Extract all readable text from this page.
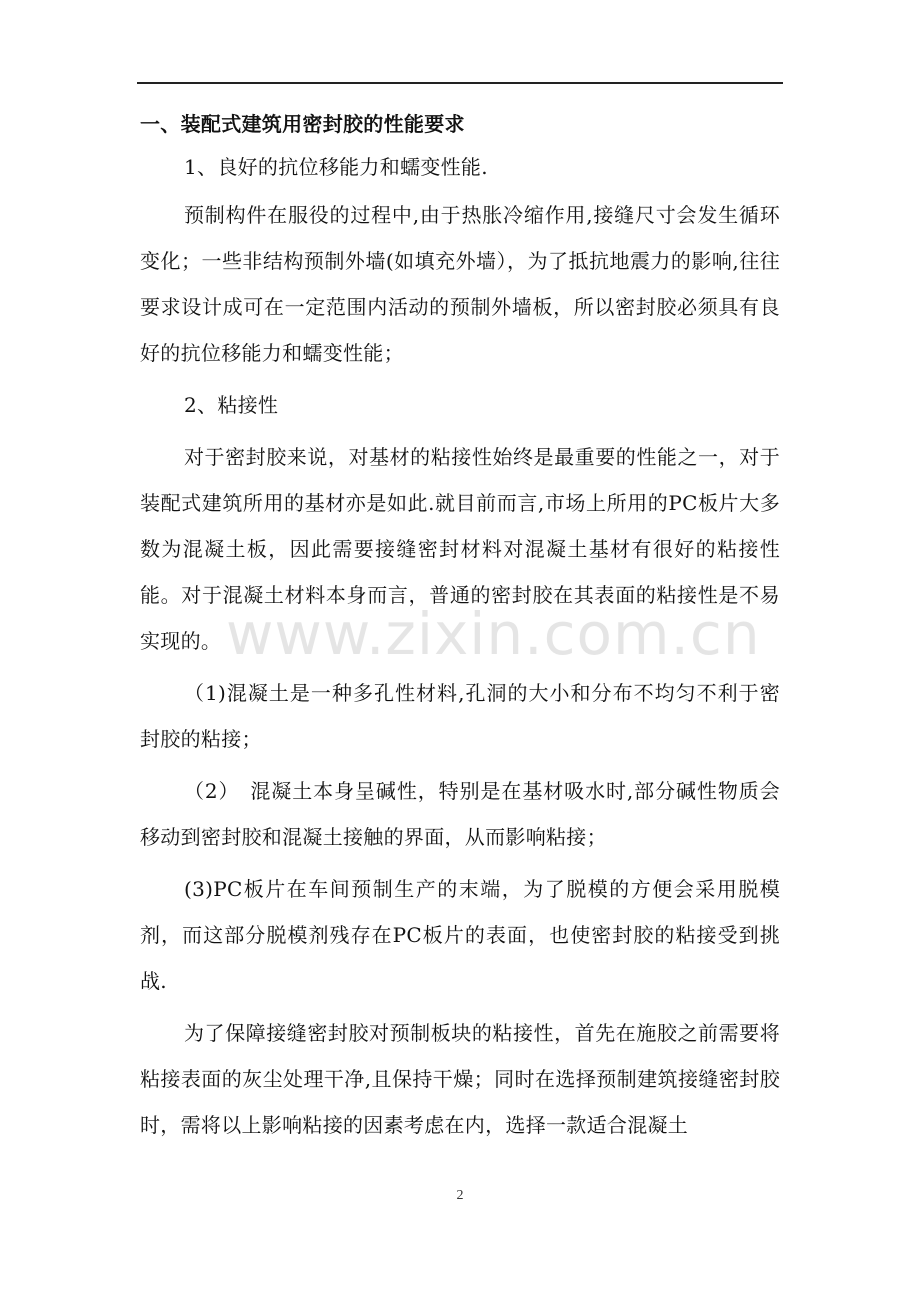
一、装配式建筑用密封胶的性能要求
1、良好的抗位移能力和蠕变性能.

预制构件在服役的过程中,由于热胀冷缩作用,接缝尺寸会发生循环变化；一些非结构预制外墙(如填充外墙），为了抵抗地震力的影响,往往要求设计成可在一定范围内活动的预制外墙板，所以密封胶必须具有良好的抗位移能力和蠕变性能；

2、粘接性

对于密封胶来说，对基材的粘接性始终是最重要的性能之一，对于装配式建筑所用的基材亦是如此.就目前而言,市场上所用的PC板片大多数为混凝土板，因此需要接缝密封材料对混凝土基材有很好的粘接性能。对于混凝土材料本身而言，普通的密封胶在其表面的粘接性是不易实现的。

（1)混凝土是一种多孔性材料,孔洞的大小和分布不均匀不利于密封胶的粘接；

（2）　混凝土本身呈碱性，特别是在基材吸水时,部分碱性物质会移动到密封胶和混凝土接触的界面，从而影响粘接；

(3)PC板片在车间预制生产的末端，为了脱模的方便会采用脱模剂，而这部分脱模剂残存在PC板片的表面，也使密封胶的粘接受到挑战.

为了保障接缝密封胶对预制板块的粘接性，首先在施胶之前需要将粘接表面的灰尘处理干净,且保持干燥；同时在选择预制建筑接缝密封胶时，需将以上影响粘接的因素考虑在内，选择一款适合混凝土

www.zixin.com.cn
2
